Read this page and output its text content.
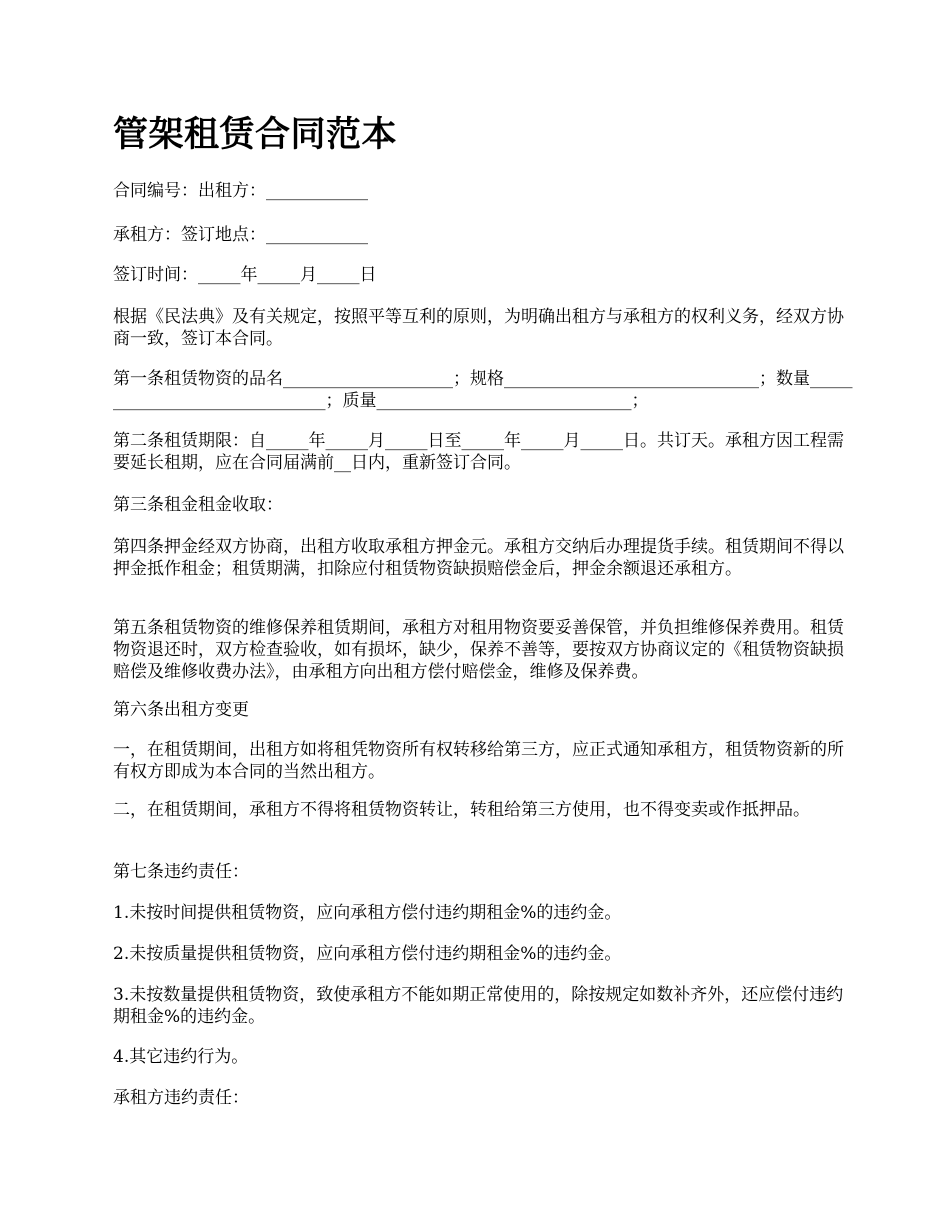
管架租赁合同范本

合同编号：出租方：____________

承租方：签订地点：____________

签订时间：_____年_____月_____日

根据《民法典》及有关规定，按照平等互利的原则，为明确出租方与承租方的权利义务，经双方协商一致，签订本合同。

第一条租赁物资的品名____________________；规格______________________________；数量______________________________；质量______________________________；

第二条租赁期限：自_____年_____月_____日至_____年_____月_____日。共订天。承租方因工程需要延长租期，应在合同届满前__日内，重新签订合同。

第三条租金租金收取：

第四条押金经双方协商，出租方收取承租方押金元。承租方交纳后办理提货手续。租赁期间不得以押金抵作租金；租赁期满，扣除应付租赁物资缺损赔偿金后，押金余额退还承租方。

第五条租赁物资的维修保养租赁期间，承租方对租用物资要妥善保管，并负担维修保养费用。租赁物资退还时，双方检查验收，如有损坏，缺少，保养不善等，要按双方协商议定的《租赁物资缺损赔偿及维修收费办法》，由承租方向出租方偿付赔偿金，维修及保养费。

第六条出租方变更

一，在租赁期间，出租方如将租凭物资所有权转移给第三方，应正式通知承租方，租赁物资新的所有权方即成为本合同的当然出租方。

二，在租赁期间，承租方不得将租赁物资转让，转租给第三方使用，也不得变卖或作抵押品。

第七条违约责任：

1.未按时间提供租赁物资，应向承租方偿付违约期租金%的违约金。

2.未按质量提供租赁物资，应向承租方偿付违约期租金%的违约金。

3.未按数量提供租赁物资，致使承租方不能如期正常使用的，除按规定如数补齐外，还应偿付违约期租金%的违约金。

4.其它违约行为。

承租方违约责任：
